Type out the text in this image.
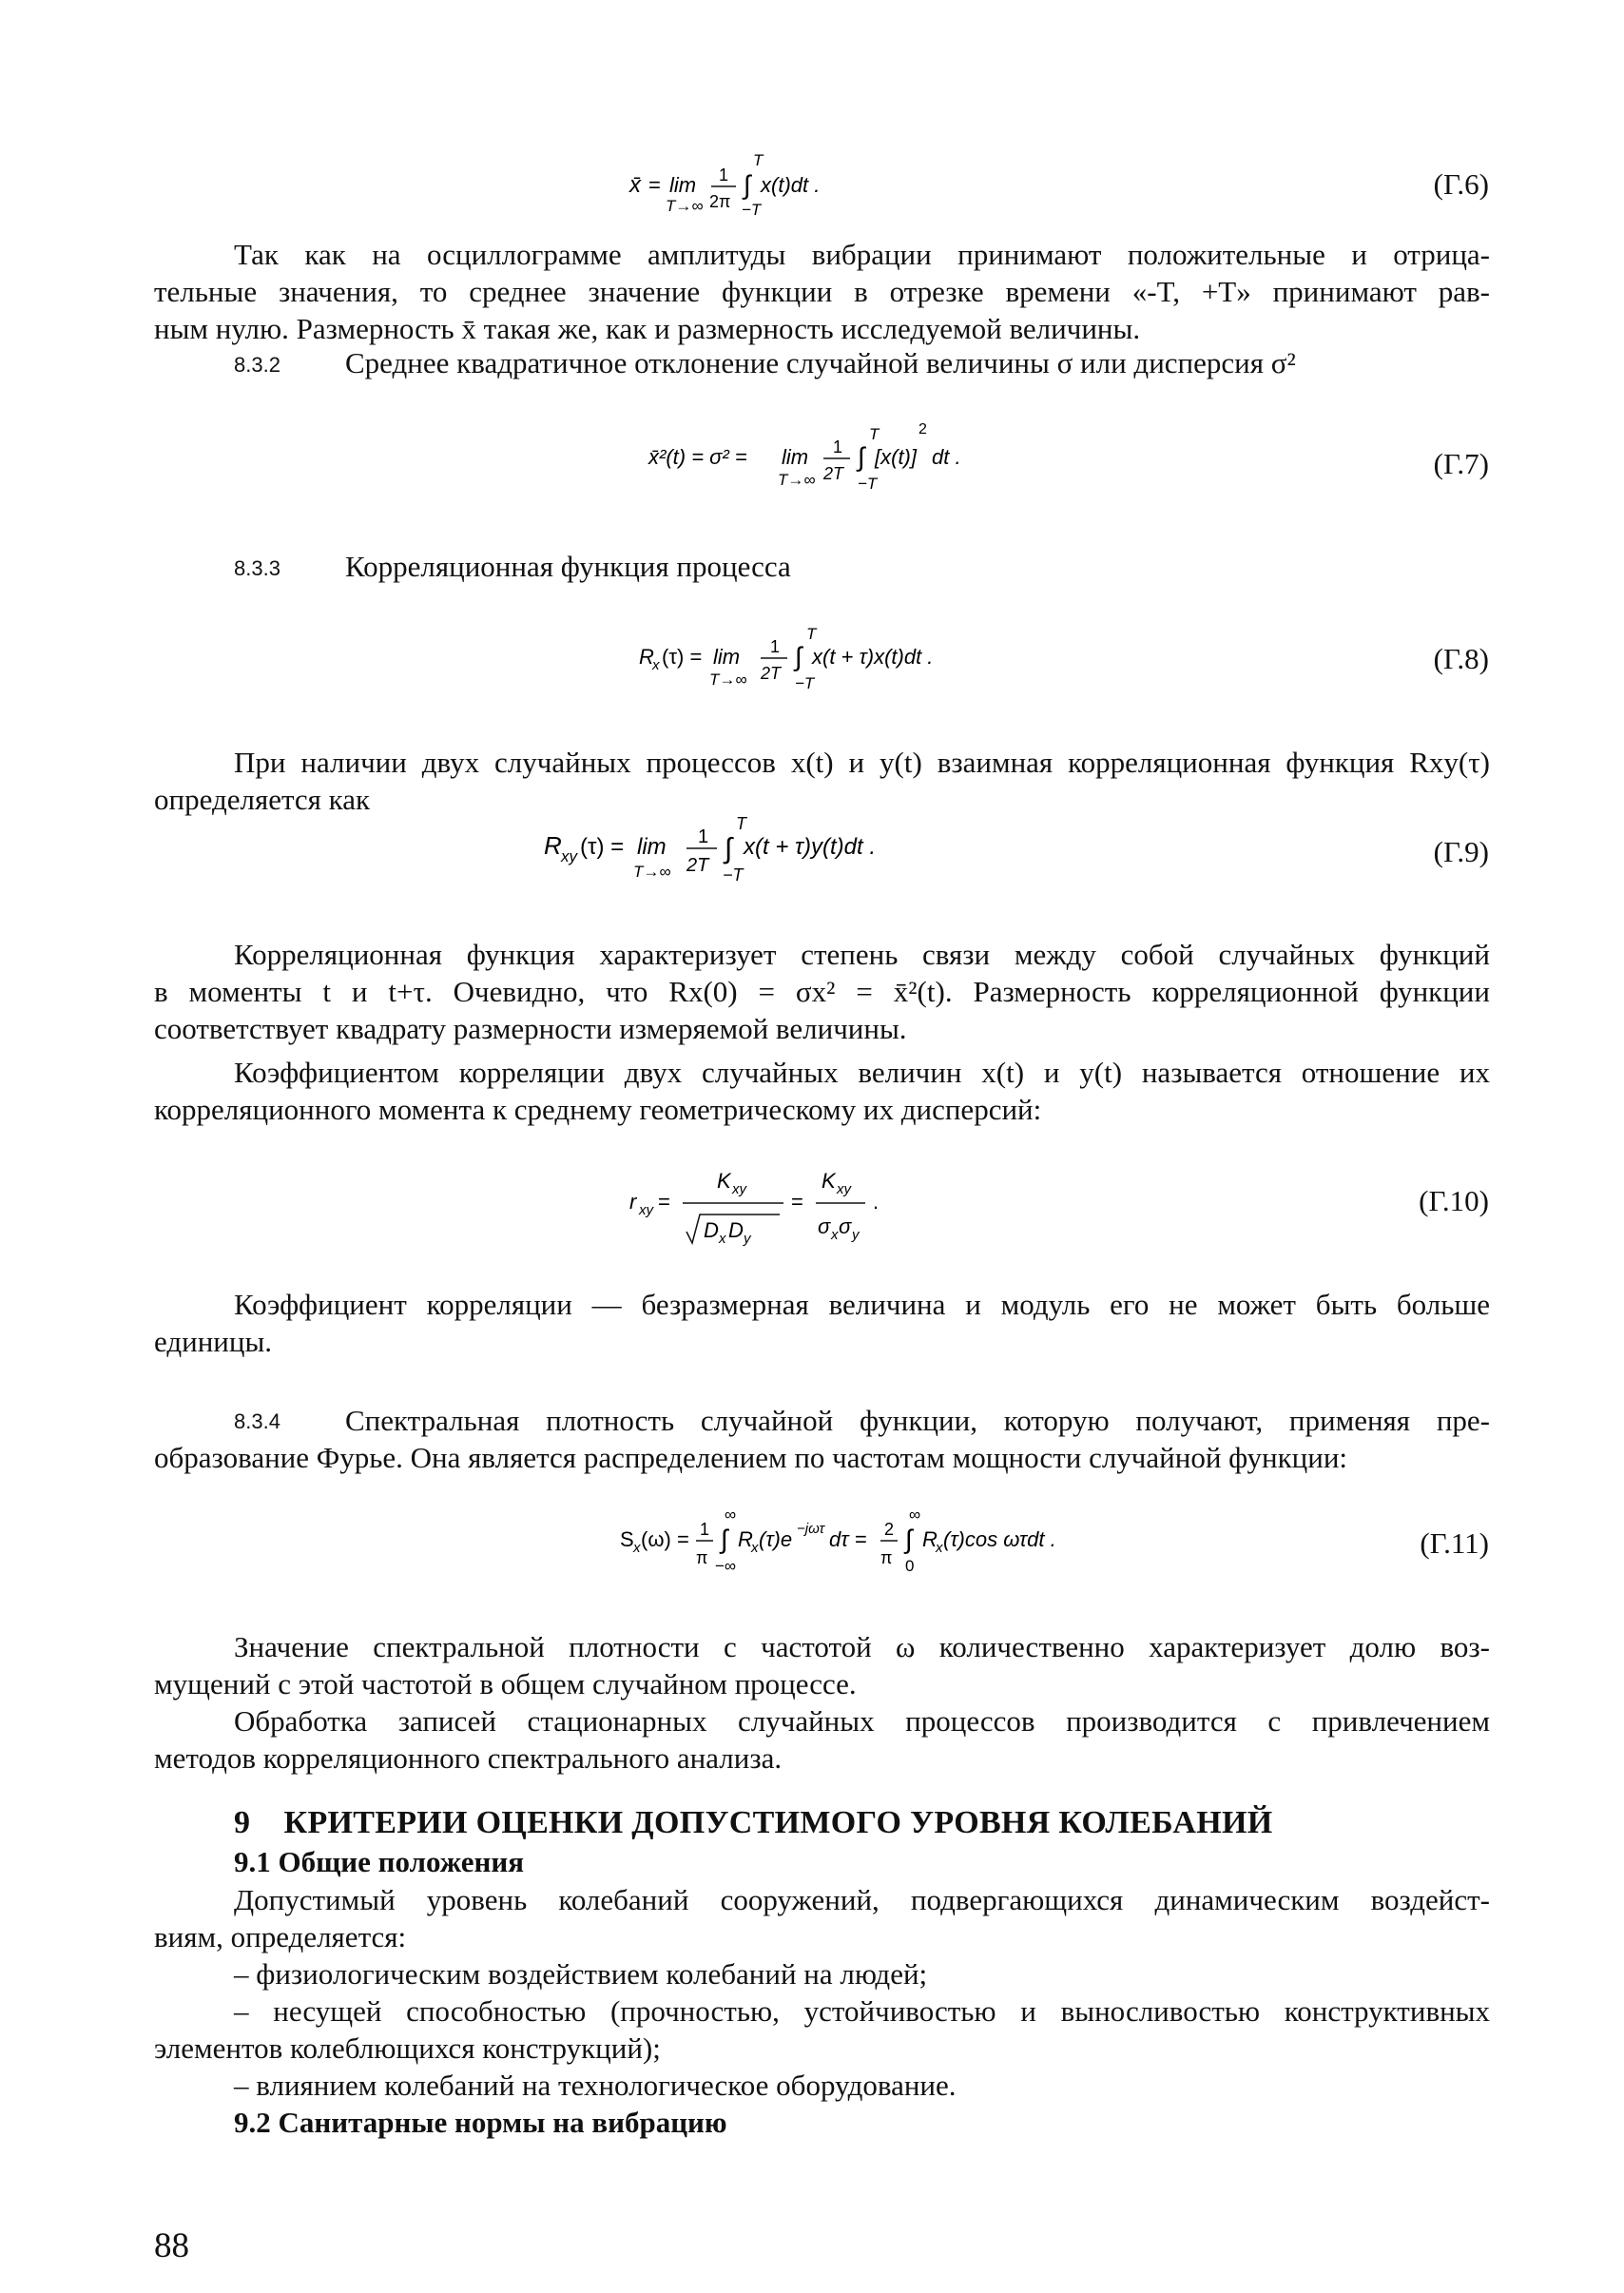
x̄ = lim
T→∞
1
2π
∫
T
−T
x(t)dt .	(Г.6)

Так как на осциллограмме амплитуды вибрации принимают положительные и отрица-
тельные значения, то среднее значение функции в отрезке времени «-T, +T» принимают рав-
ным нулю. Размерность x̄ такая же, как и размерность исследуемой величины.

8.3.2 Среднее квадратичное отклонение случайной величины σ или дисперсия σ²
x̄²(t) = σ² = lim
T→∞
1
2T
∫
T
−T
[x(t)]
2
dt .	(Г.7)
8.3.3 Корреляционная функция процесса
R
x (τ) = lim
T→∞
1
2T
∫
T
−T
x(t + τ)x(t)dt .	(Г.8)

При наличии двух случайных процессов x(t) и y(t) взаимная корреляционная функция Rxy(τ)
определяется как

R xy (τ) = lim
T→∞
1
2T
∫
T
−T
x(t + τ)y(t)dt .	(Г.9)

Корреляционная функция характеризует степень связи между собой случайных функций
в моменты t и t+τ. Очевидно, что Rx(0) = σx² = x̄²(t). Размерность корреляционной функции
соответствует квадрату размерности измеряемой величины.

Коэффициентом корреляции двух случайных величин x(t) и y(t) называется отношение их
корреляционного момента к среднему геометрическому их дисперсий:

r xy =
K xy
D x D y
=
K xy
σ x σ y
.	(Г.10)

Коэффициент корреляции — безразмерная величина и модуль его не может быть больше
единицы.

8.3.4	Спектральная плотность случайной функции, которую получают, применяя пре-
образование Фурье. Она является распределением по частотам мощности случайной функции:

S x (ω) = 1
π
∫
∞
−∞
R
x (τ)e −jωτ dτ = 2
π
∫
∞
0
R
x (τ)cos ωτdt .	(Г.11)

Значение спектральной плотности с частотой ω количественно характеризует долю воз-
мущений с этой частотой в общем случайном процессе.

Обработка записей стационарных случайных процессов производится с привлечением
методов корреляционного спектрального анализа.

9    КРИТЕРИИ ОЦЕНКИ ДОПУСТИМОГО УРОВНЯ КОЛЕБАНИЙ
9.1 Общие положения

Допустимый уровень колебаний сооружений, подвергающихся динамическим воздейст-
виям, определяется:

– физиологическим воздействием колебаний на людей;
– несущей способностью (прочностью, устойчивостью и выносливостью конструктивных
элементов колеблющихся конструкций);
– влиянием колебаний на технологическое оборудование.

9.2 Санитарные нормы на вибрацию
88
